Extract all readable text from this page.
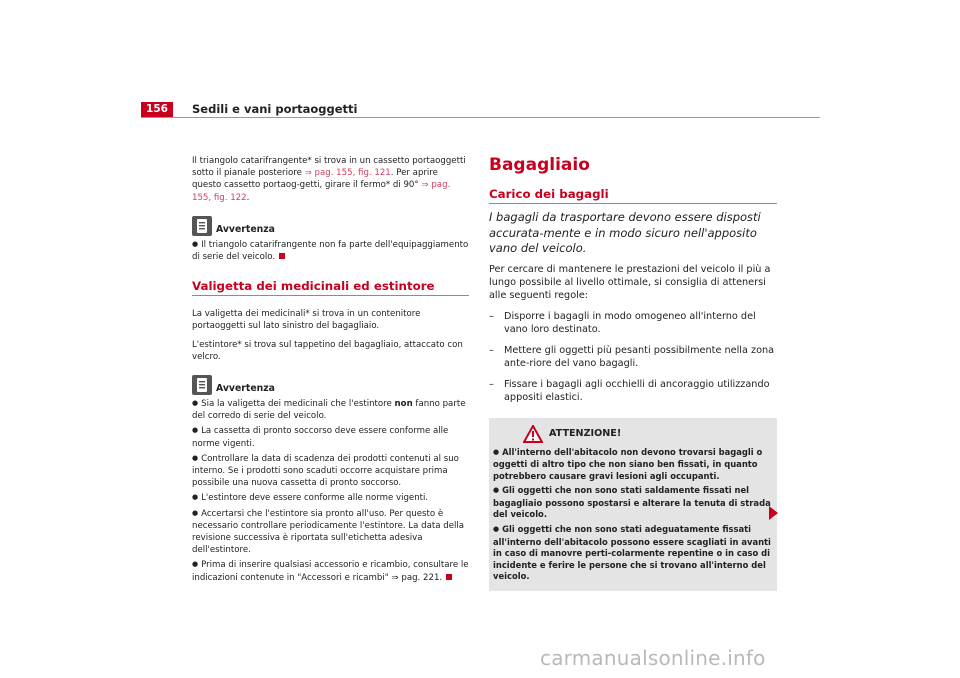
156	Sedili e vani portaoggetti

Il triangolo catarifrangente* si trova in un cassetto portaoggetti sotto il pianale posteriore ⇒ pag. 155, fig. 121. Per aprire questo cassetto portaog-getti, girare il fermo* di 90° ⇒ pag. 155, fig. 122.

Avvertenza

● Il triangolo catarifrangente non fa parte dell'equipaggiamento di serie del veicolo.

Valigetta dei medicinali ed estintore

La valigetta dei medicinali* si trova in un contenitore portaoggetti sul lato sinistro del bagagliaio.

L'estintore* si trova sul tappetino del bagagliaio, attaccato con velcro.

Avvertenza

● Sia la valigetta dei medicinali che l'estintore non fanno parte del corredo di serie del veicolo.

● La cassetta di pronto soccorso deve essere conforme alle norme vigenti.

● Controllare la data di scadenza dei prodotti contenuti al suo interno. Se i prodotti sono scaduti occorre acquistare prima possibile una nuova cassetta di pronto soccorso.

● L'estintore deve essere conforme alle norme vigenti.

● Accertarsi che l'estintore sia pronto all'uso. Per questo è necessario controllare periodicamente l'estintore. La data della revisione successiva è riportata sull'etichetta adesiva dell'estintore.

● Prima di inserire qualsiasi accessorio e ricambio, consultare le indicazioni contenute in "Accessori e ricambi" ⇒ pag. 221.

Bagagliaio
Carico dei bagagli
I bagagli da trasportare devono essere disposti accurata-mente e in modo sicuro nell'apposito vano del veicolo.

Per cercare di mantenere le prestazioni del veicolo il più a lungo possibile al livello ottimale, si consiglia di attenersi alle seguenti regole:

–	Disporre i bagagli in modo omogeneo all'interno del vano loro destinato.
–	Mettere gli oggetti più pesanti possibilmente nella zona ante-riore del vano bagagli.
–	Fissare i bagagli agli occhielli di ancoraggio utilizzando appositi elastici.
ATTENZIONE!

● All'interno dell'abitacolo non devono trovarsi bagagli o oggetti di altro tipo che non siano ben fissati, in quanto potrebbero causare gravi lesioni agli occupanti.

● Gli oggetti che non sono stati saldamente fissati nel bagagliaio possono spostarsi e alterare la tenuta di strada del veicolo.

● Gli oggetti che non sono stati adeguatamente fissati all'interno dell'abitacolo possono essere scagliati in avanti in caso di manovre perti-colarmente repentine o in caso di incidente e ferire le persone che si trovano all'interno del veicolo.

carmanualsonline.info
